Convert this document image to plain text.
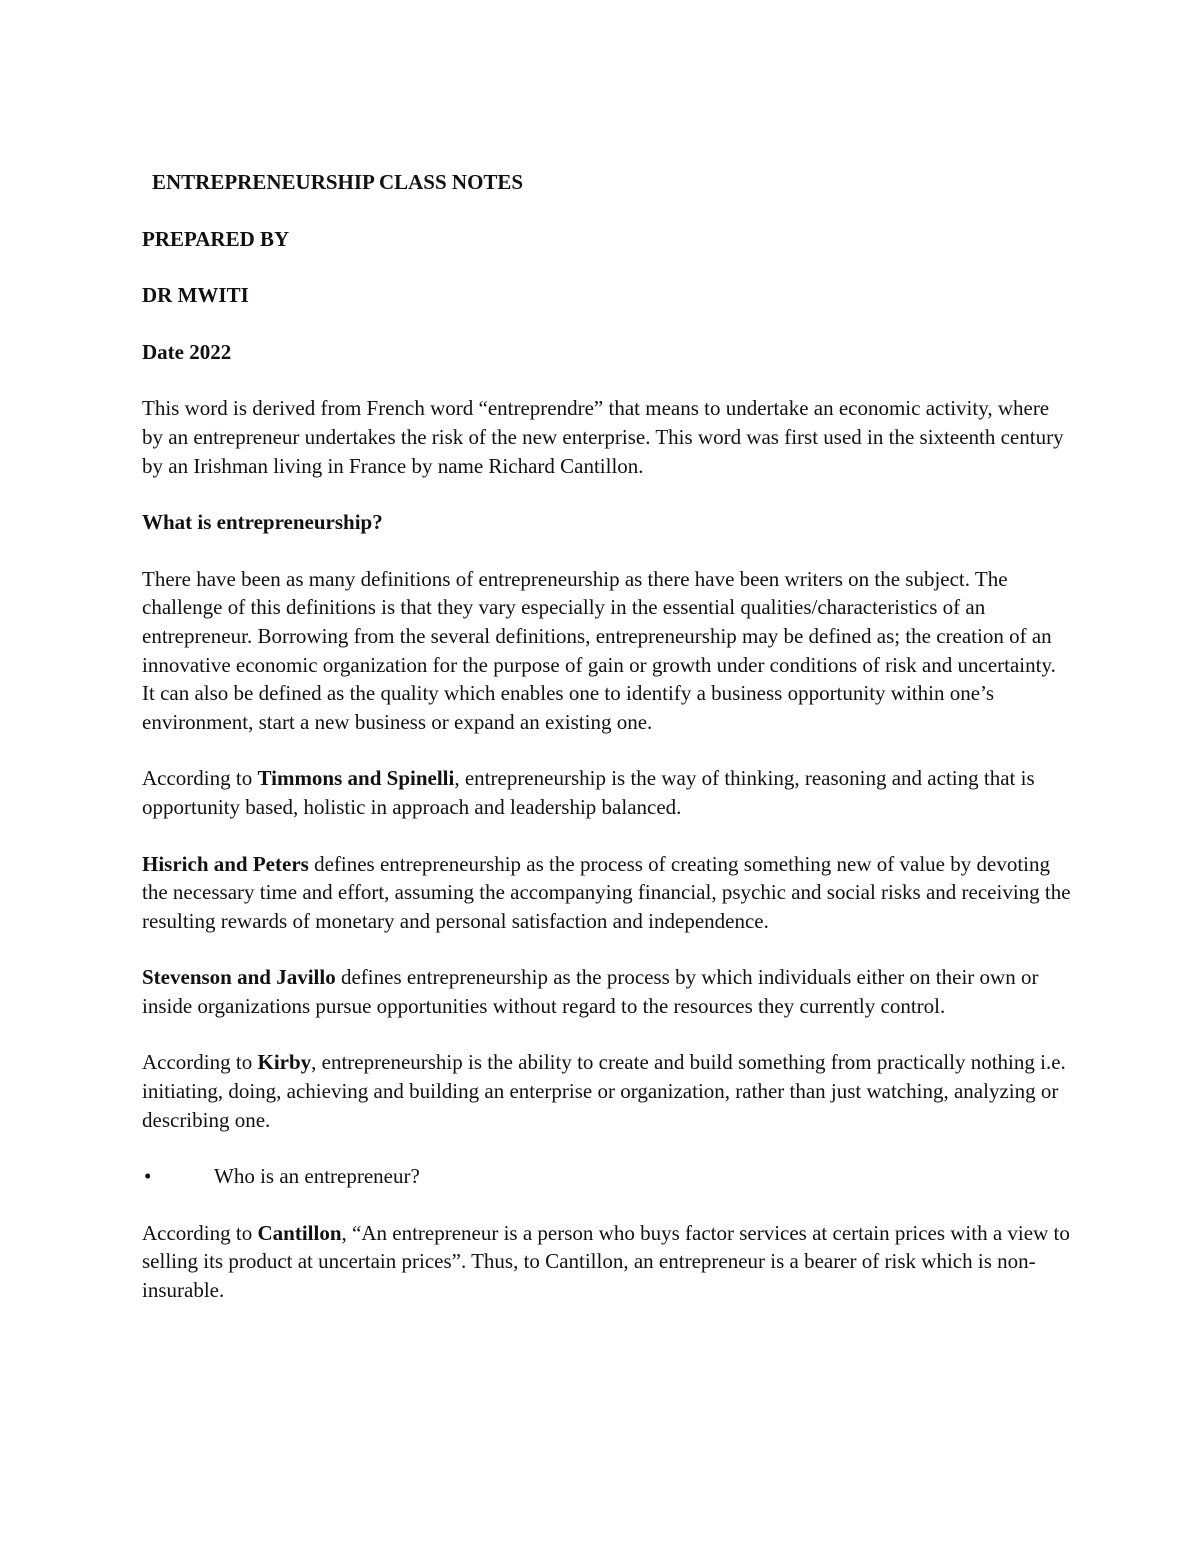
ENTREPRENEURSHIP CLASS NOTES

PREPARED BY

DR MWITI

Date 2022

This word is derived from French word “entreprendre” that means to undertake an economic activity, where by an entrepreneur undertakes the risk of the new enterprise. This word was first used in the sixteenth century by an Irishman living in France by name Richard Cantillon.

What is entrepreneurship?

There have been as many definitions of entrepreneurship as there have been writers on the subject. The challenge of this definitions is that they vary especially in the essential qualities/characteristics of an entrepreneur. Borrowing from the several definitions, entrepreneurship may be defined as; the creation of an innovative economic organization for the purpose of gain or growth under conditions of risk and uncertainty. It can also be defined as the quality which enables one to identify a business opportunity within one’s environment, start a new business or expand an existing one.

According to Timmons and Spinelli, entrepreneurship is the way of thinking, reasoning and acting that is opportunity based, holistic in approach and leadership balanced.

Hisrich and Peters defines entrepreneurship as the process of creating something new of value by devoting the necessary time and effort, assuming the accompanying financial, psychic and social risks and receiving the resulting rewards of monetary and personal satisfaction and independence.

Stevenson and Javillo defines entrepreneurship as the process by which individuals either on their own or inside organizations pursue opportunities without regard to the resources they currently control.

According to Kirby, entrepreneurship is the ability to create and build something from practically nothing i.e. initiating, doing, achieving and building an enterprise or organization, rather than just watching, analyzing or describing one.

•	Who is an entrepreneur?

According to Cantillon, “An entrepreneur is a person who buys factor services at certain prices with a view to selling its product at uncertain prices”. Thus, to Cantillon, an entrepreneur is a bearer of risk which is non-insurable.
